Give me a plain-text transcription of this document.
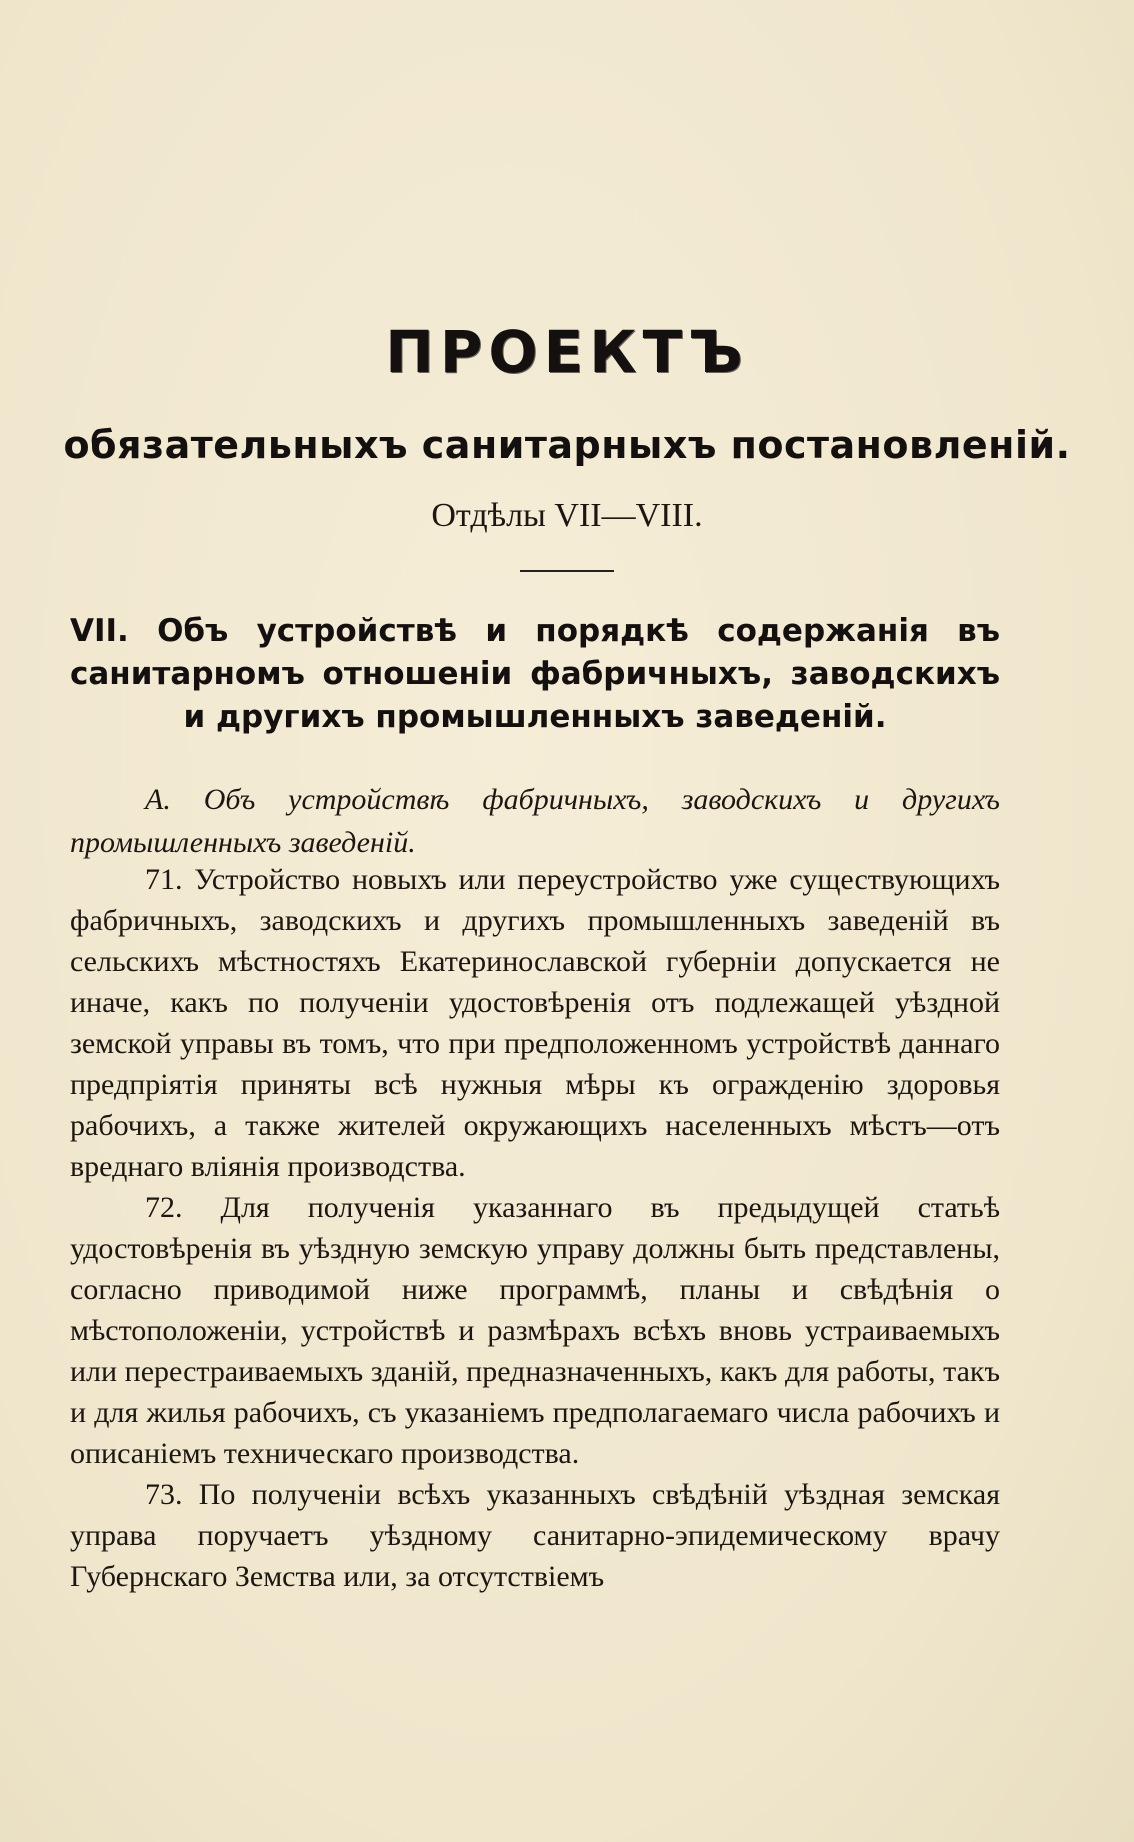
ПРОЕКТЪ
обязательныхъ санитарныхъ постановленій.
Отдѣлы VII—VIII.
VII. Объ устройствѣ и порядкѣ содержанія въ санитарномъ отношеніи фабричныхъ, заводскихъ и другихъ промышленныхъ заведеній.
А. Объ устройствѣ фабричныхъ, заводскихъ и другихъ промышленныхъ заведеній.

71. Устройство новыхъ или переустройство уже существующихъ фабричныхъ, заводскихъ и другихъ промышленныхъ заведеній въ сельскихъ мѣстностяхъ Екатеринославской губерніи допускается не иначе, какъ по полученіи удостовѣренія отъ подлежащей уѣздной земской управы въ томъ, что при предположенномъ устройствѣ даннаго предпріятія приняты всѣ нужныя мѣры къ огражденію здоровья рабочихъ, а также жителей окружающихъ населенныхъ мѣстъ—отъ вреднаго вліянія производства.

72. Для полученія указаннаго въ предыдущей статьѣ удостовѣренія въ уѣздную земскую управу должны быть представлены, согласно приводимой ниже программѣ, планы и свѣдѣнія о мѣстоположеніи, устройствѣ и размѣрахъ всѣхъ вновь устраиваемыхъ или перестраиваемыхъ зданій, предназначенныхъ, какъ для работы, такъ и для жилья рабочихъ, съ указаніемъ предполагаемаго числа рабочихъ и описаніемъ техническаго производства.

73. По полученіи всѣхъ указанныхъ свѣдѣній уѣздная земская управа поручаетъ уѣздному санитарно-эпидемическому врачу Губернскаго Земства или, за отсутствіемъ
